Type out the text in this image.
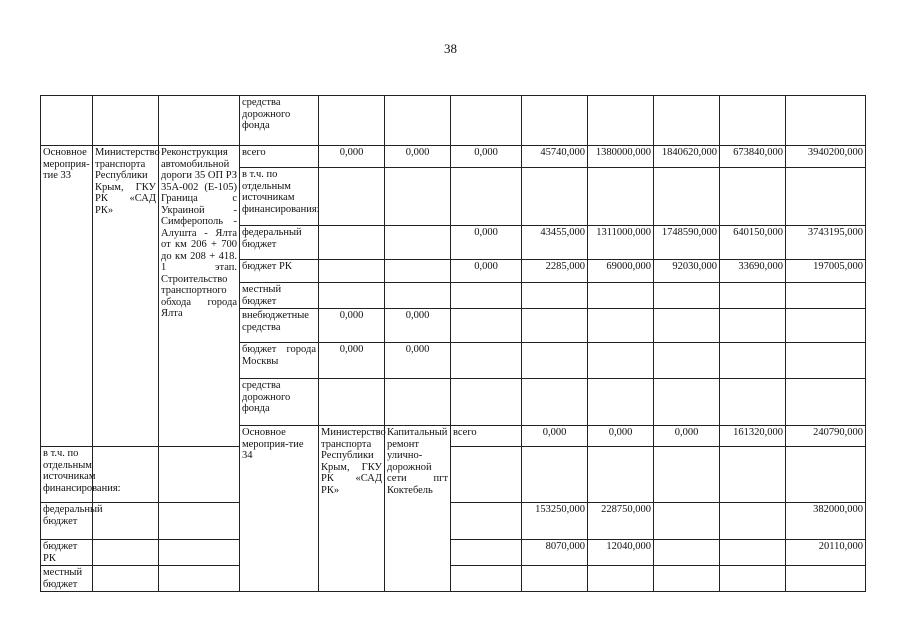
38
			средства дорожного фонда									
Основное мероприя-тие 33	Министерство транспорта Республики Крым, ГКУ РК «САД РК»	Реконструкция автомобильной дороги 35 ОП РЗ 35А-002 (Е-105) Граница с Украиной - Симферополь - Алушта - Ялта от км 206 + 700 до км 208 + 418. 1 этап. Строительство транспортного обхода города Ялта	всего	0,000	0,000	0,000	45740,000	1380000,000	1840620,000	673840,000	3940200,000	

в т.ч. по
отдельным источникам финансирования:									

			федеральный бюджет			0,000	43455,000	1311000,000	1748590,000	640150,000	3743195,000	
			бюджет РК			0,000	2285,000	69000,000	92030,000	33690,000	197005,000	
			местный бюджет									
			внебюджетные средства	0,000	0,000							
			бюджет города Москвы	0,000	0,000							
			средства дорожного фонда									
			Основное мероприя-тие 34	Министерство транспорта Республики Крым, ГКУ РК «САД РК»	Капитальный ремонт улично-дорожной сети пгт Коктебель	всего	0,000	0,000	0,000	161320,000	240790,000			

в т.ч. по
отдельным источникам финансирования:												

федеральный бюджет							153250,000	228750,000			382000,000	
бюджет РК							8070,000	12040,000			20110,000	
местный бюджет												
